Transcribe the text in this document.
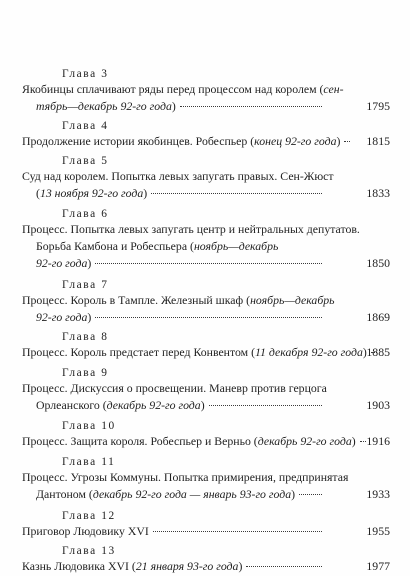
Глава 3
Якобинцы сплачивают ряды перед процессом над королем (сен-
тябрь—декабрь 92-го года)	1795
Глава 4
Продолжение истории якобинцев. Робеспьер (конец 92-го года)	1815
Глава 5
Суд над королем. Попытка левых запугать правых. Сен-Жюст
(13 ноября 92-го года)	1833
Глава 6
Процесс. Попытка левых запугать центр и нейтральных депутатов.
Борьба Камбона и Робеспьера (ноябрь—декабрь
92-го года)	1850
Глава 7
Процесс. Король в Тампле. Железный шкаф (ноябрь—декабрь
92-го года)	1869
Глава 8
Процесс. Король предстает перед Конвентом (11 декабря 92-го года) 1885
Глава 9
Процесс. Дискуссия о просвещении. Маневр против герцога
Орлеанского (декабрь 92-го года)	1903
Глава 10
Процесс. Защита короля. Робеспьер и Верньо (декабрь 92-го года) 1916
Глава 11
Процесс. Угрозы Коммуны. Попытка примирения, предпринятая
Дантоном (декабрь 92-го года — январь 93-го года)	1933
Глава 12
Приговор Людовику XVI	1955
Глава 13
Казнь Людовика XVI (21 января 93-го года)	1977
